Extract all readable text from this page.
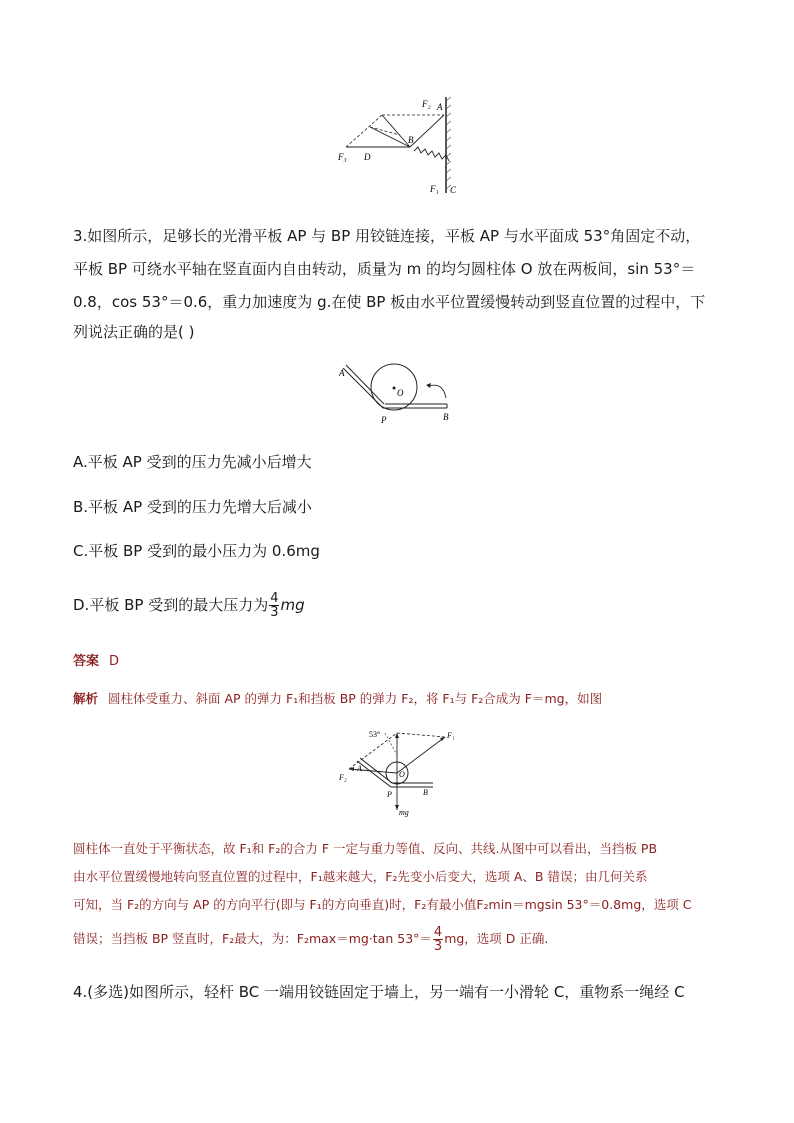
F₂ A
B
D
F₃
F₁ C
3.如图所示，足够长的光滑平板 AP 与 BP 用铰链连接，平板 AP 与水平面成 53°角固定不动，
平板 BP 可绕水平轴在竖直面内自由转动，质量为 m 的均匀圆柱体 O 放在两板间，sin 53°＝
0.8，cos 53°＝0.6，重力加速度为 g.在使 BP 板由水平位置缓慢转动到竖直位置的过程中，下
列说法正确的是( )
A
O
P	B
A.平板 AP 受到的压力先减小后增大
B.平板 AP 受到的压力先增大后减小
C.平板 BP 受到的最小压力为 0.6mg
D.平板 BP 受到的最大压力为 $\frac{4}{3}$ mg
答案 D
解析 圆柱体受重力、斜面 AP 的弹力 F₁和挡板 BP 的弹力 F₂，将 F₁与 F₂合成为 F＝mg，如图
53°	F₁
F₂
A
O
P	B
mg
圆柱体一直处于平衡状态，故 F₁和 F₂的合力 F 一定与重力等值、反向、共线.从图中可以看出，当挡板 PB
由水平位置缓慢地转向竖直位置的过程中，F₁越来越大，F₂先变小后变大，选项 A、B 错误；由几何关系
可知，当 F₂的方向与 AP 的方向平行(即与 F₁的方向垂直)时，F₂有最小值F₂min＝mgsin 53°＝0.8mg，选项 C
错误；当挡板 BP 竖直时，F₂最大，为：F₂max＝mg·tan $53^\circ= \frac{4}{3}$ mg，选项 D 正确.
4.(多选)如图所示，轻杆 BC 一端用铰链固定于墙上，另一端有一小滑轮 C，重物系一绳经 C
